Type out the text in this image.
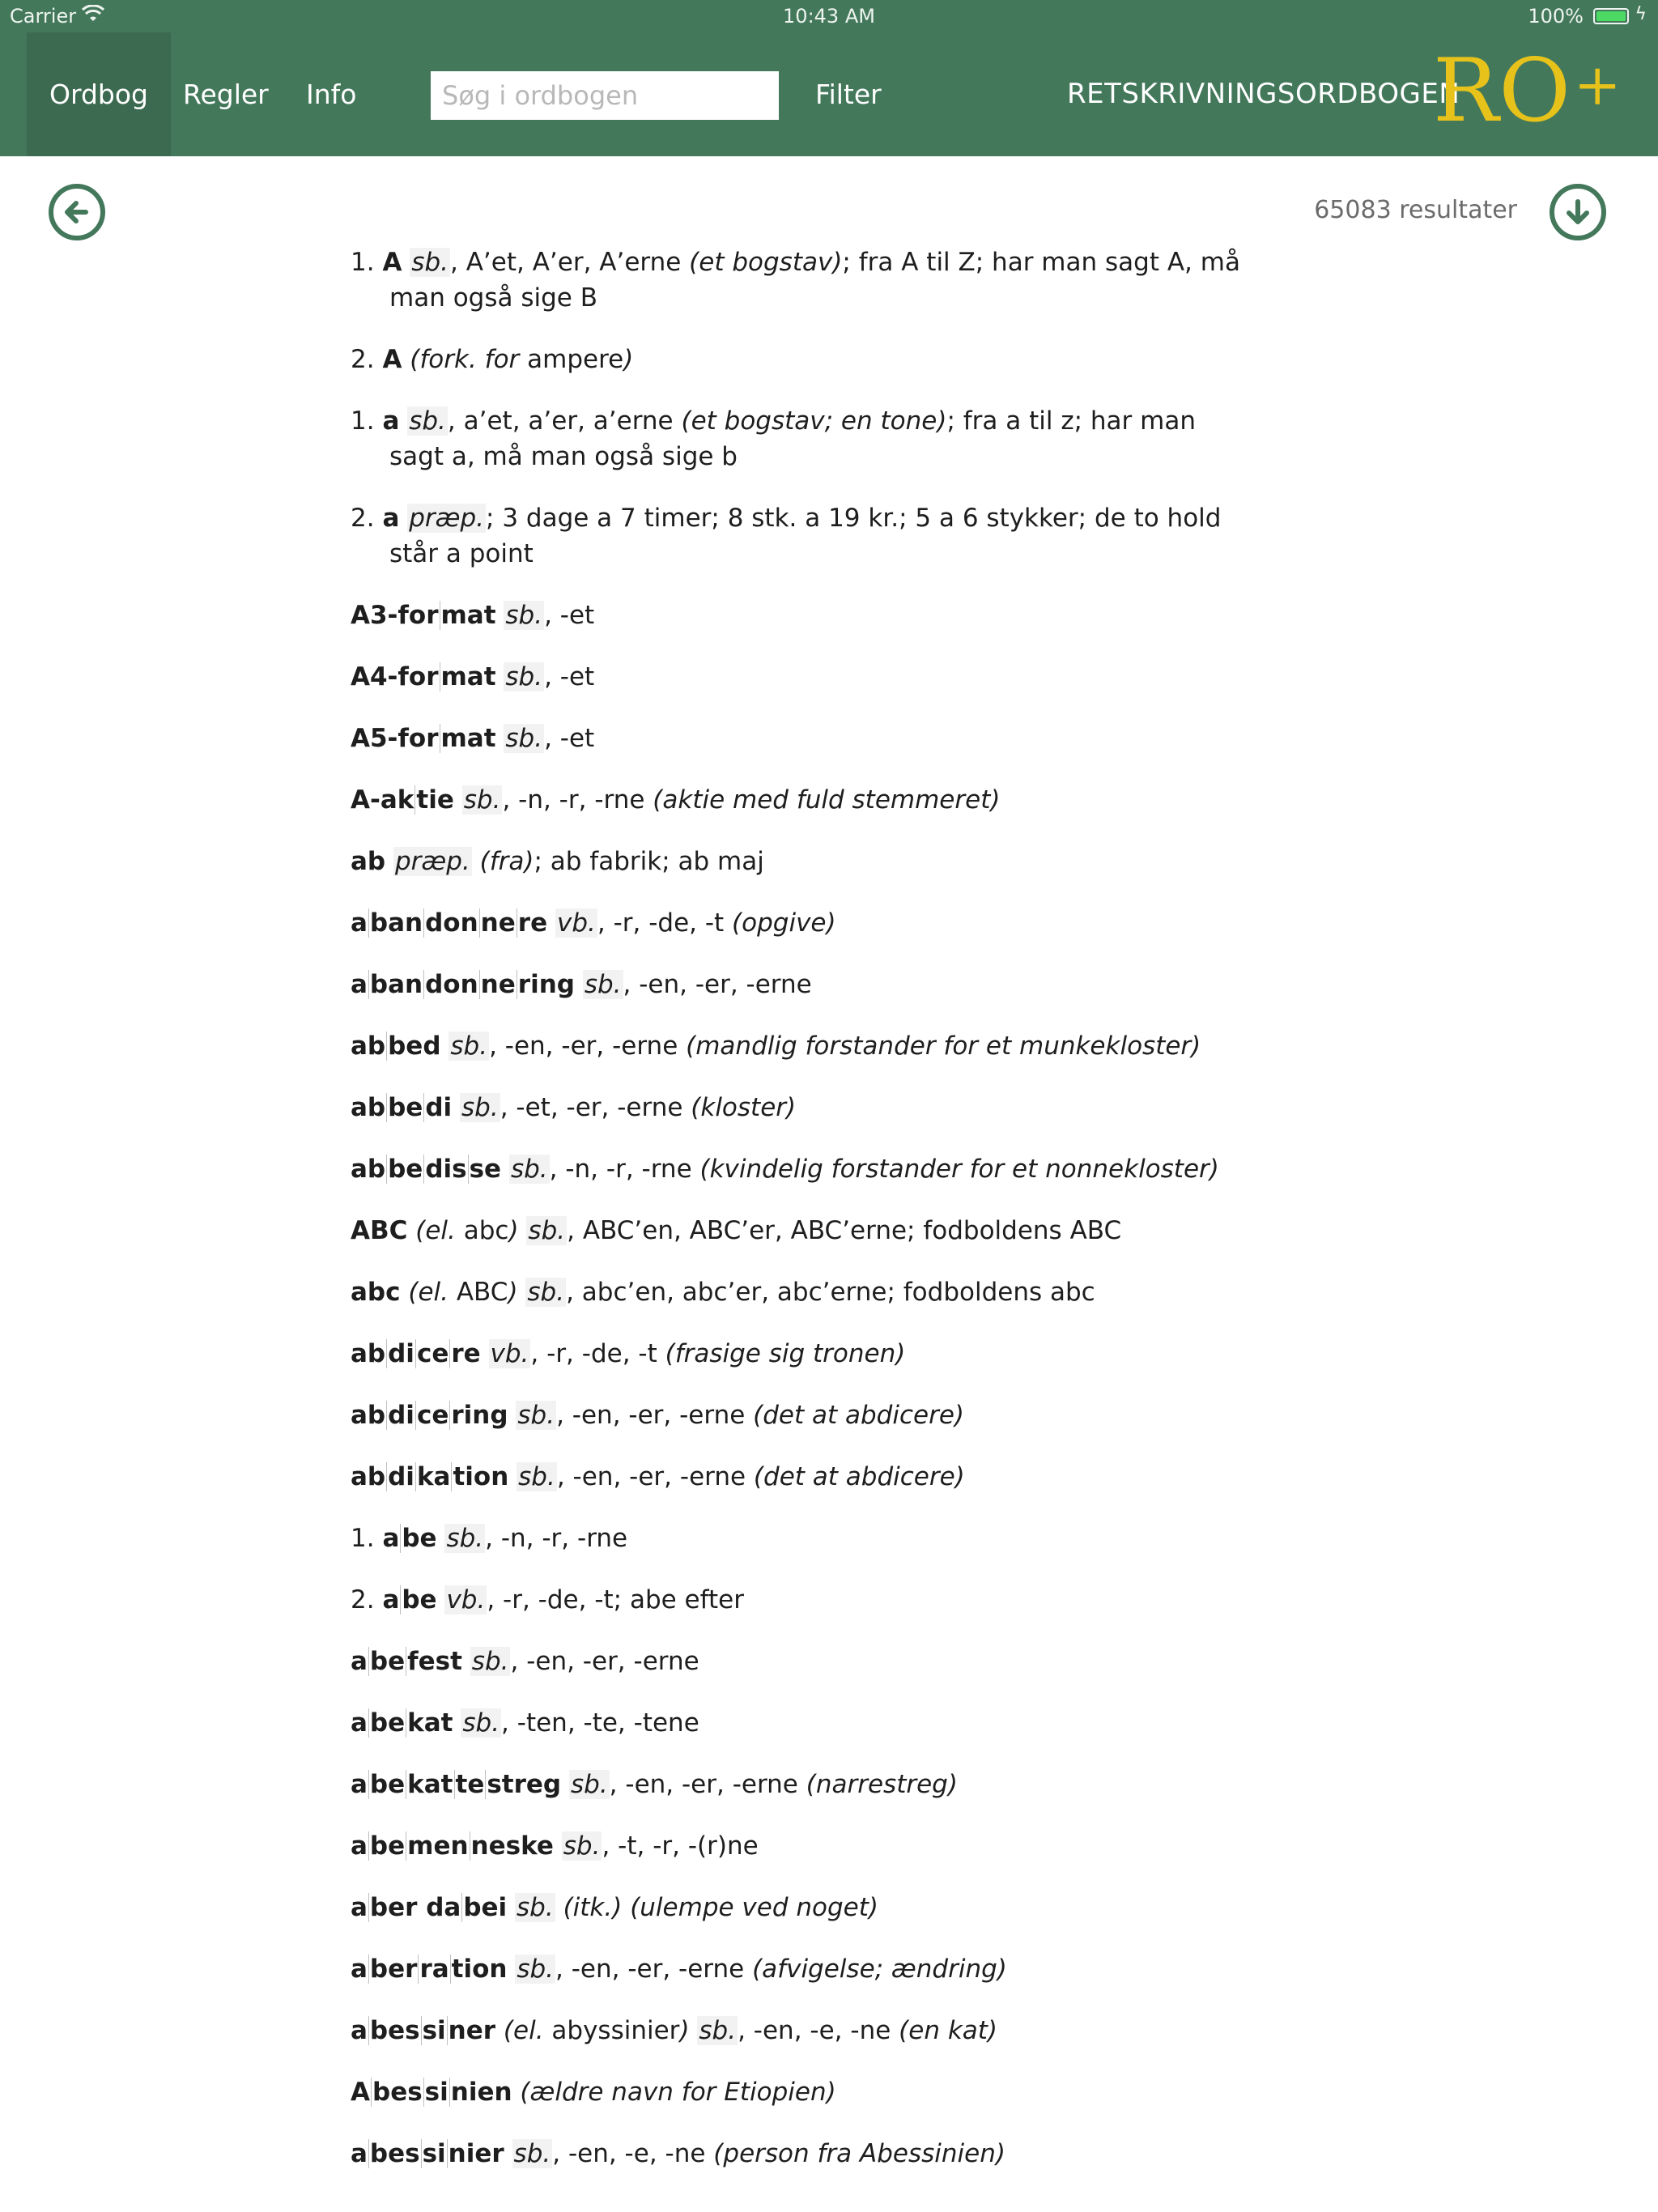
Carrier	10:43 AM	100%	ϟ
Ordbog	Regler	Info
Søg i ordbogen	Filter	RETSKRIVNINGSORDBOGEN
RO+
65083 resultater
1. A sb., A’et, A’er, A’erne (et bogstav); fra A til Z; har man sagt A, må man også sige B
2. A (fork. for ampere)
1. a sb., a’et, a’er, a’erne (et bogstav; en tone); fra a til z; har man sagt a, må man også sige b
2. a præp.; 3 dage a 7 timer; 8 stk. a 19 kr.; 5 a 6 stykker; de to hold står a point
A3-format sb., -et
A4-format sb., -et
A5-format sb., -et
A-aktie sb., -n, -r, -rne (aktie med fuld stemmeret)
ab præp. (fra); ab fabrik; ab maj
abandonnere vb., -r, -de, -t (opgive)
abandonnering sb., -en, -er, -erne
abbed sb., -en, -er, -erne (mandlig forstander for et munkekloster)
abbedi sb., -et, -er, -erne (kloster)
abbedisse sb., -n, -r, -rne (kvindelig forstander for et nonnekloster)
ABC (el. abc) sb., ABC’en, ABC’er, ABC’erne; fodboldens ABC
abc (el. ABC) sb., abc’en, abc’er, abc’erne; fodboldens abc
abdicere vb., -r, -de, -t (frasige sig tronen)
abdicering sb., -en, -er, -erne (det at abdicere)
abdikation sb., -en, -er, -erne (det at abdicere)
1. abe sb., -n, -r, -rne
2. abe vb., -r, -de, -t; abe efter
abefest sb., -en, -er, -erne
abekat sb., -ten, -te, -tene
abekattestreg sb., -en, -er, -erne (narrestreg)
abemenneske sb., -t, -r, -(r)ne
aber dabei sb. (itk.) (ulempe ved noget)
aberration sb., -en, -er, -erne (afvigelse; ændring)
abessiner (el. abyssinier) sb., -en, -e, -ne (en kat)
Abessinien (ældre navn for Etiopien)
abessinier sb., -en, -e, -ne (person fra Abessinien)
